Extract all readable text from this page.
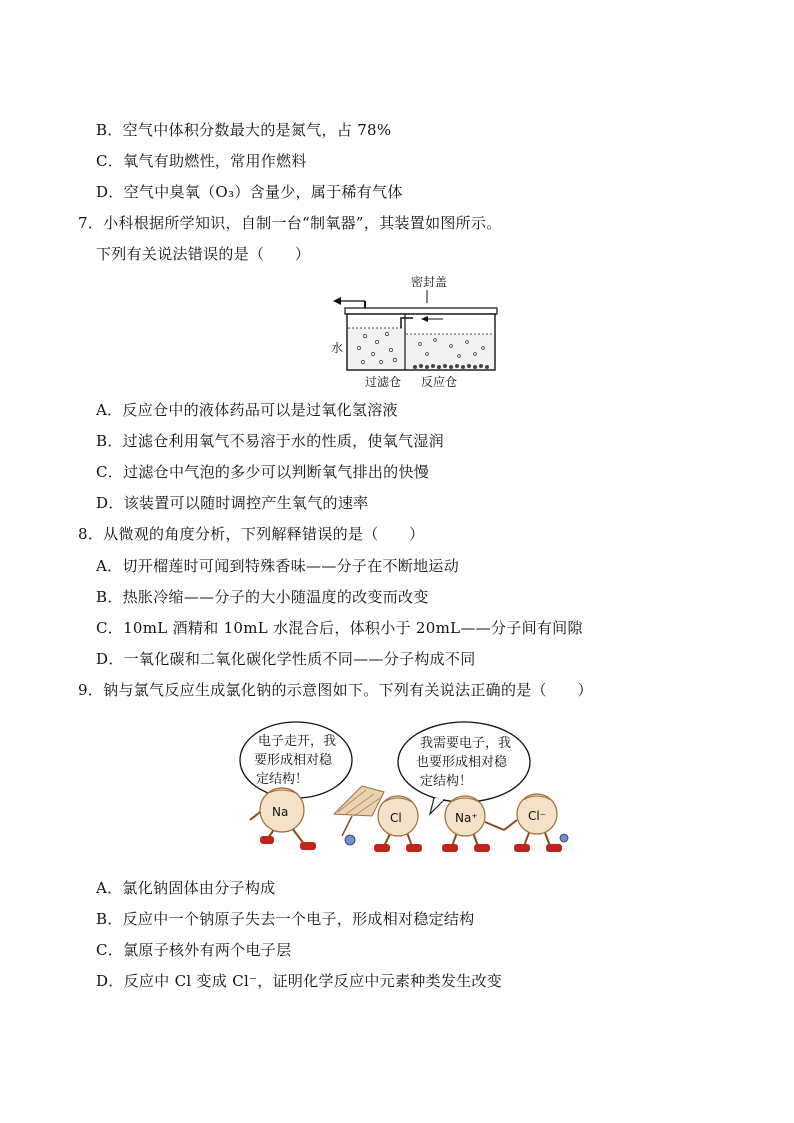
B．空气中体积分数最大的是氮气，占 78%
C．氧气有助燃性，常用作燃料
D．空气中臭氧（O₃）含量少，属于稀有气体
7．小科根据所学知识，自制一台“制氧器”，其装置如图所示。
下列有关说法错误的是（　　）
密封盖
水
过滤仓 反应仓
A．反应仓中的液体药品可以是过氧化氢溶液
B．过滤仓利用氧气不易溶于水的性质，使氧气湿润
C．过滤仓中气泡的多少可以判断氧气排出的快慢
D．该装置可以随时调控产生氧气的速率
8．从微观的角度分析，下列解释错误的是（　　）
A．切开榴莲时可闻到特殊香味——分子在不断地运动
B．热胀冷缩——分子的大小随温度的改变而改变
C．10mL 酒精和 10mL 水混合后，体积小于 20mL——分子间有间隙
D．一氧化碳和二氧化碳化学性质不同——分子构成不同
9．钠与氯气反应生成氯化钠的示意图如下。下列有关说法正确的是（　　）
电子走开，我
要形成相对稳
定结构！
我需要电子，我
也要形成相对稳
定结构！
Na	Cl	Na⁺	Cl⁻
A．氯化钠固体由分子构成
B．反应中一个钠原子失去一个电子，形成相对稳定结构
C．氯原子核外有两个电子层
D．反应中 Cl 变成 Cl⁻，证明化学反应中元素种类发生改变
